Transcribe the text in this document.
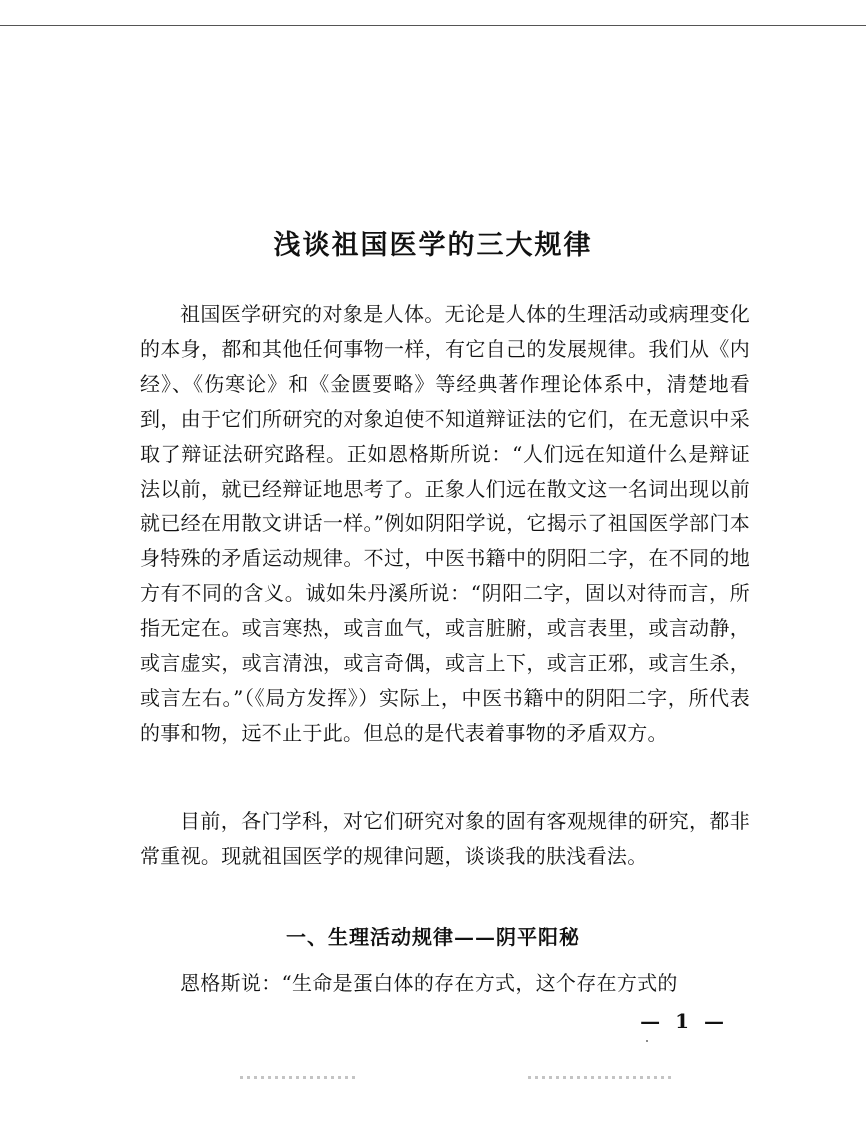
浅谈祖国医学的三大规律

祖国医学研究的对象是人体。无论是人体的生理活动或病理变化的本身，都和其他任何事物一样，有它自己的发展规律。我们从《内经》、《伤寒论》和《金匮要略》等经典著作理论体系中，清楚地看到，由于它们所研究的对象迫使不知道辩证法的它们，在无意识中采取了辩证法研究路程。正如恩格斯所说：“人们远在知道什么是辩证法以前，就已经辩证地思考了。正象人们远在散文这一名词出现以前就已经在用散文讲话一样。”例如阴阳学说，它揭示了祖国医学部门本身特殊的矛盾运动规律。不过，中医书籍中的阴阳二字，在不同的地方有不同的含义。诚如朱丹溪所说：“阴阳二字，固以对待而言，所指无定在。或言寒热，或言血气，或言脏腑，或言表里，或言动静，或言虚实，或言清浊，或言奇偶，或言上下，或言正邪，或言生杀，或言左右。”（《局方发挥》）实际上，中医书籍中的阴阳二字，所代表的事和物，远不止于此。但总的是代表着事物的矛盾双方。

目前，各门学科，对它们研究对象的固有客观规律的研究，都非常重视。现就祖国医学的规律问题，谈谈我的肤浅看法。

一、生理活动规律——阴平阳秘

恩格斯说：“生命是蛋白体的存在方式，这个存在方式的

— 1 —
